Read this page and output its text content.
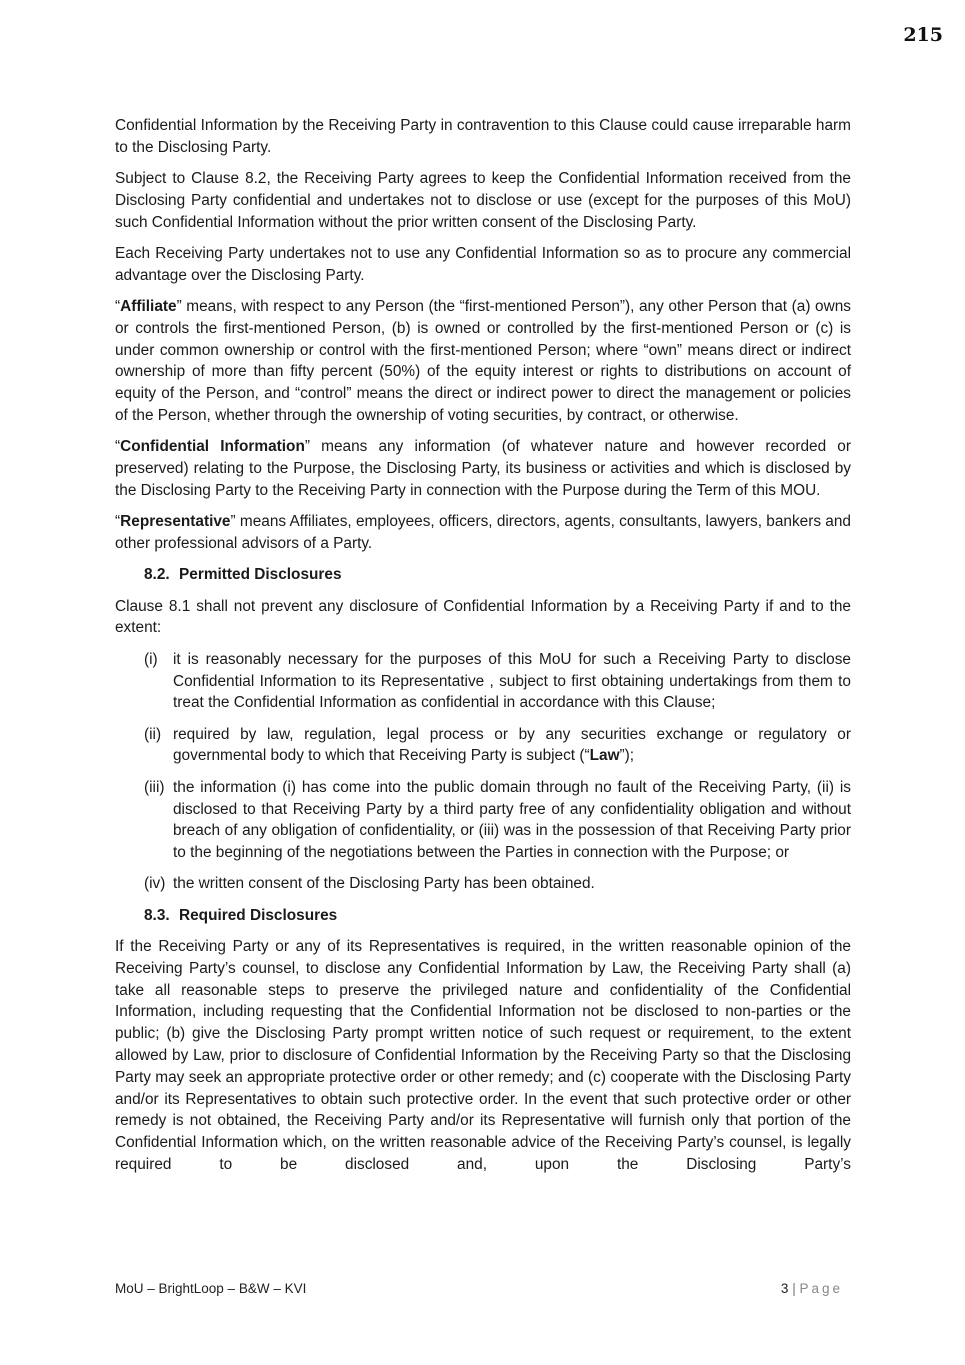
215

Confidential Information by the Receiving Party in contravention to this Clause could cause irreparable harm to the Disclosing Party.

Subject to Clause 8.2, the Receiving Party agrees to keep the Confidential Information received from the Disclosing Party confidential and undertakes not to disclose or use (except for the purposes of this MoU) such Confidential Information without the prior written consent of the Disclosing Party.

Each Receiving Party undertakes not to use any Confidential Information so as to procure any commercial advantage over the Disclosing Party.

“Affiliate” means, with respect to any Person (the “first-mentioned Person”), any other Person that (a) owns or controls the first-mentioned Person, (b) is owned or controlled by the first-mentioned Person or (c) is under common ownership or control with the first-mentioned Person; where “own” means direct or indirect ownership of more than fifty percent (50%) of the equity interest or rights to distributions on account of equity of the Person, and “control” means the direct or indirect power to direct the management or policies of the Person, whether through the ownership of voting securities, by contract, or otherwise.

“Confidential Information” means any information (of whatever nature and however recorded or preserved) relating to the Purpose, the Disclosing Party, its business or activities and which is disclosed by the Disclosing Party to the Receiving Party in connection with the Purpose during the Term of this MOU.

“Representative” means Affiliates, employees, officers, directors, agents, consultants, lawyers, bankers and other professional advisors of a Party.

8.2. Permitted Disclosures

Clause 8.1 shall not prevent any disclosure of Confidential Information by a Receiving Party if and to the extent:

(i) it is reasonably necessary for the purposes of this MoU for such a Receiving Party to disclose Confidential Information to its Representative , subject to first obtaining undertakings from them to treat the Confidential Information as confidential in accordance with this Clause;
(ii) required by law, regulation, legal process or by any securities exchange or regulatory or governmental body to which that Receiving Party is subject (“Law”);
(iii) the information (i) has come into the public domain through no fault of the Receiving Party, (ii) is disclosed to that Receiving Party by a third party free of any confidentiality obligation and without breach of any obligation of confidentiality, or (iii) was in the possession of that Receiving Party prior to the beginning of the negotiations between the Parties in connection with the Purpose; or
(iv) the written consent of the Disclosing Party has been obtained.
8.3. Required Disclosures

If the Receiving Party or any of its Representatives is required, in the written reasonable opinion of the Receiving Party’s counsel, to disclose any Confidential Information by Law, the Receiving Party shall (a) take all reasonable steps to preserve the privileged nature and confidentiality of the Confidential Information, including requesting that the Confidential Information not be disclosed to non-parties or the public; (b) give the Disclosing Party prompt written notice of such request or requirement, to the extent allowed by Law, prior to disclosure of Confidential Information by the Receiving Party so that the Disclosing Party may seek an appropriate protective order or other remedy; and (c) cooperate with the Disclosing Party and/or its Representatives to obtain such protective order. In the event that such protective order or other remedy is not obtained, the Receiving Party and/or its Representative will furnish only that portion of the Confidential Information which, on the written reasonable advice of the Receiving Party’s counsel, is legally required to be disclosed and, upon the Disclosing Party’s

MoU – BrightLoop – B&W – KVI	3 | Page
